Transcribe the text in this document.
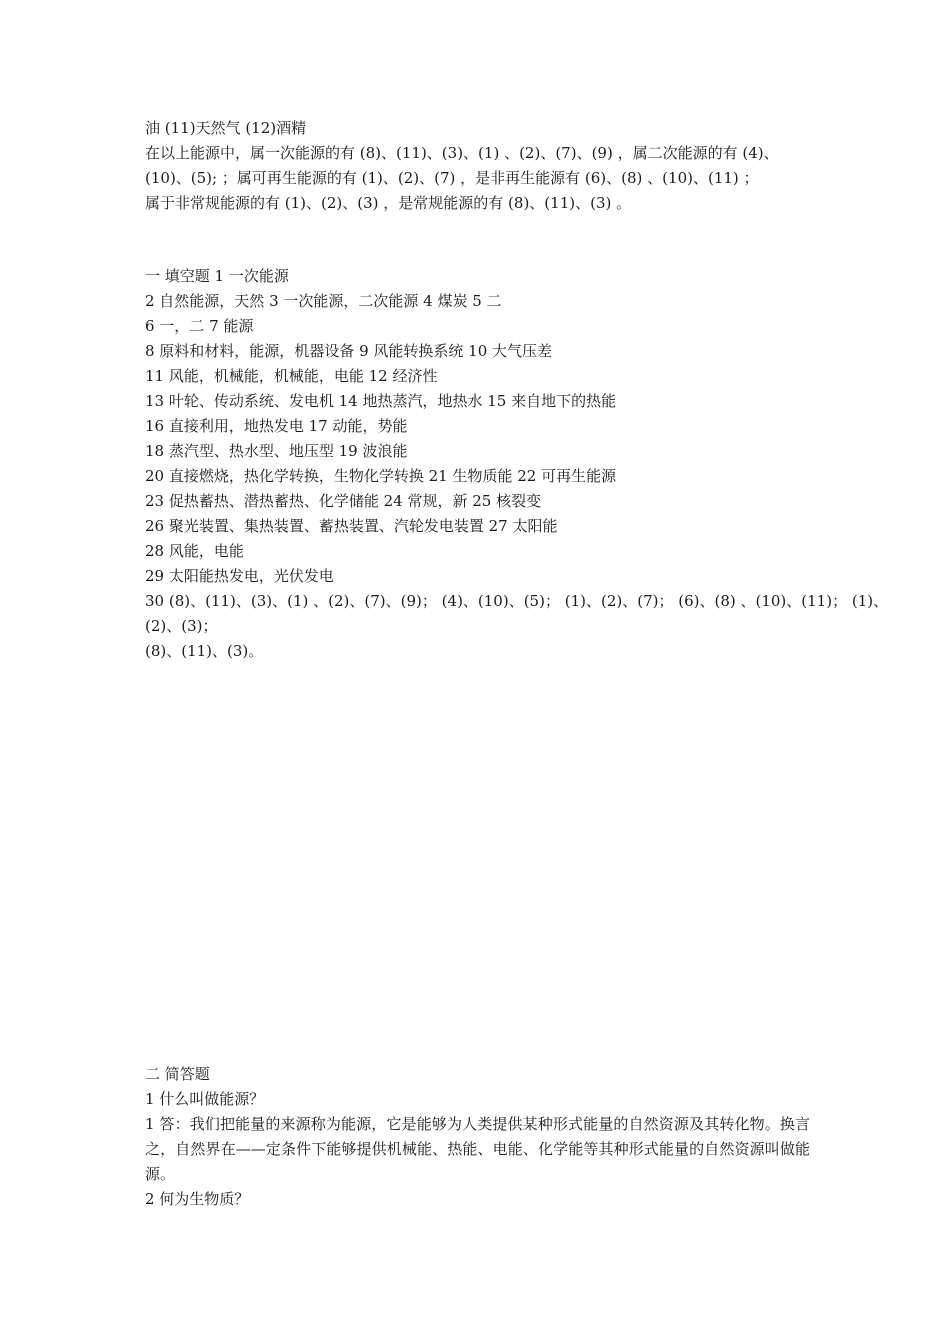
油 (11)天然气 (12)酒精
在以上能源中，属一次能源的有 (8)、(11)、(3)、(1) 、(2)、(7)、(9) ，属二次能源的有 (4)、
(10)、(5); ；属可再生能源的有 (1)、(2)、(7) ，是非再生能源有 (6)、(8) 、(10)、(11) ；
属于非常规能源的有 (1)、(2)、(3) ，是常规能源的有 (8)、(11)、(3) 。
一 填空题 1 一次能源
2 自然能源，天然 3 一次能源，二次能源 4 煤炭 5 二
6 一，二 7 能源
8 原料和材料，能源，机器设备 9 风能转换系统 10 大气压差
11 风能，机械能，机械能，电能 12 经济性
13 叶轮、传动系统、发电机 14 地热蒸汽，地热水 15 来自地下的热能
16 直接利用，地热发电 17 动能，势能
18 蒸汽型、热水型、地压型 19 波浪能
20 直接燃烧，热化学转换，生物化学转换 21 生物质能 22 可再生能源
23 促热蓄热、潜热蓄热、化学储能 24 常规，新 25 核裂变
26 聚光装置、集热装置、蓄热装置、汽轮发电装置 27 太阳能
28 风能，电能
29 太阳能热发电，光伏发电
30 (8)、(11)、(3)、(1) 、(2)、(7)、(9)； (4)、(10)、(5)； (1)、(2)、(7)； (6)、(8) 、(10)、(11)； (1)、
(2)、(3)；
(8)、(11)、(3)。
二 简答题
1 什么叫做能源？
1 答：我们把能量的来源称为能源，它是能够为人类提供某种形式能量的自然资源及其转化物。换言之，自然界在——定条件下能够提供机械能、热能、电能、化学能等其种形式能量的自然资源叫做能源。
2 何为生物质？
